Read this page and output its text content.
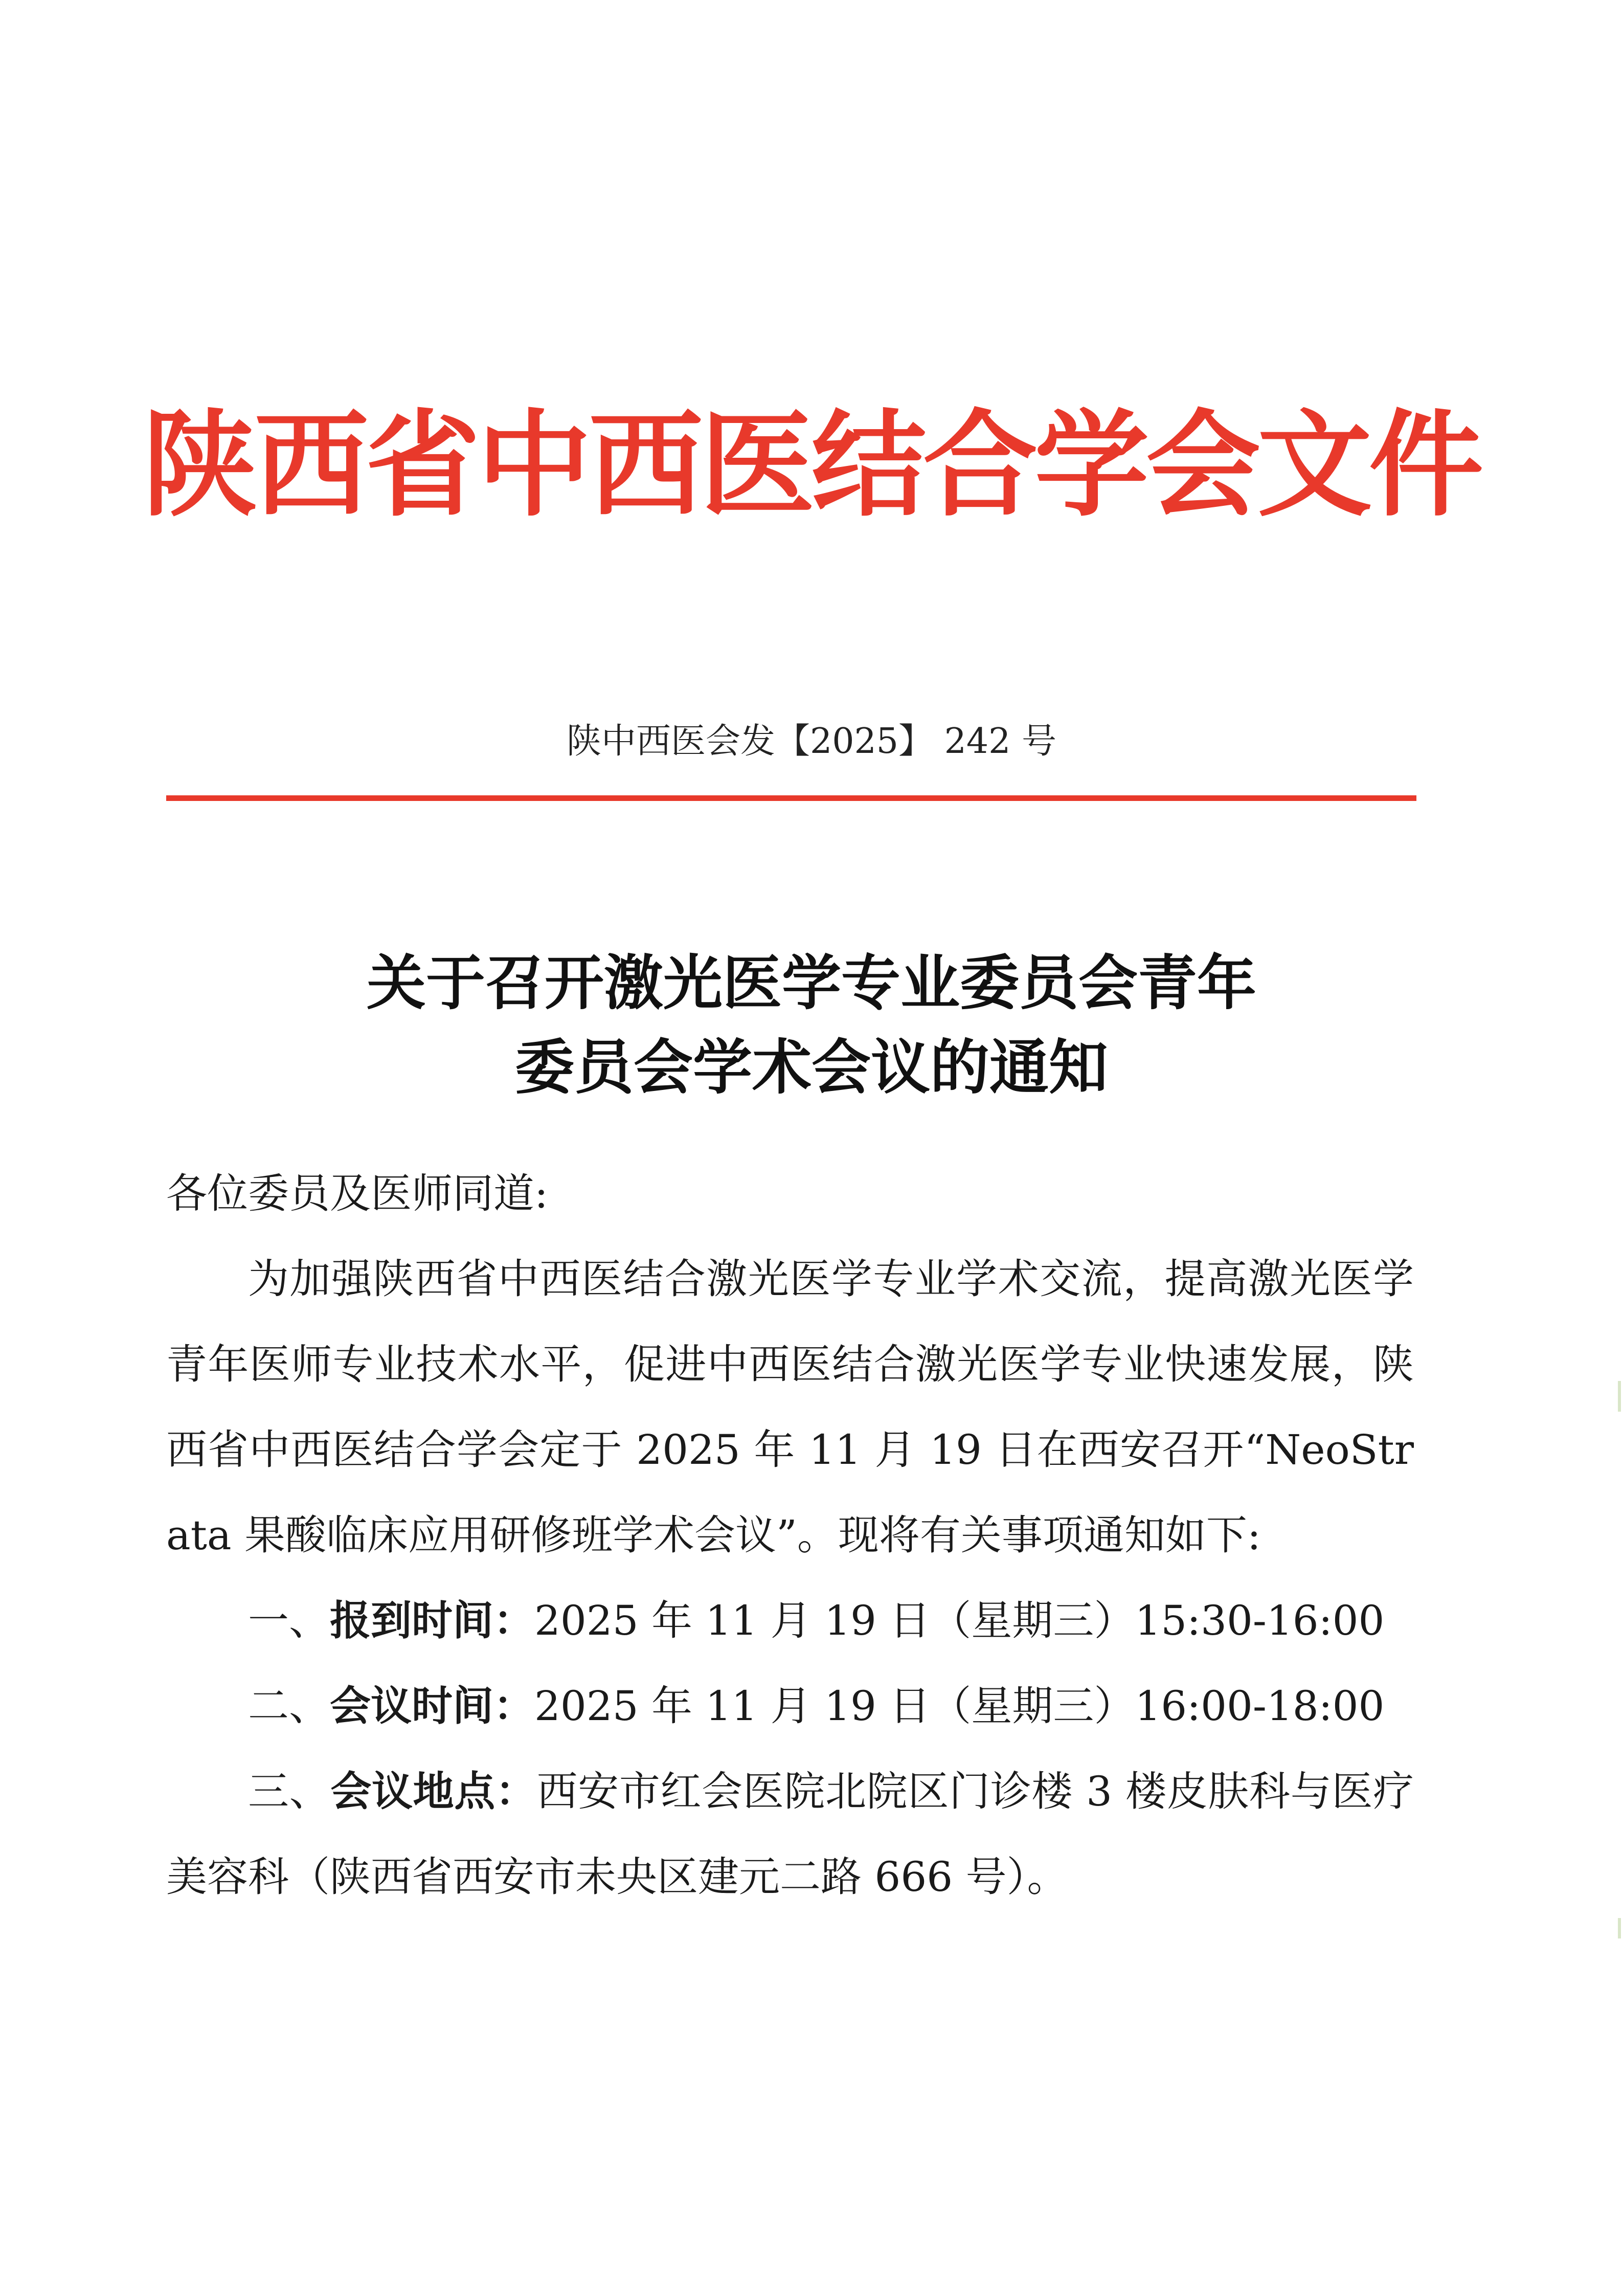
陕西省中西医结合学会文件
陕中西医会发【2025】 242 号
关于召开激光医学专业委员会青年
委员会学术会议的通知

各位委员及医师同道:

为加强陕西省中西医结合激光医学专业学术交流，提高激光医学青年医师专业技术水平，促进中西医结合激光医学专业快速发展，陕西省中西医结合学会定于 2025 年 11 月 19 日在西安召开“NeoStrata 果酸临床应用研修班学术会议”。现将有关事项通知如下:

一、报到时间：2025 年 11 月 19 日（星期三）15:30-16:00

二、会议时间：2025 年 11 月 19 日（星期三）16:00-18:00

三、会议地点：西安市红会医院北院区门诊楼 3 楼皮肤科与医疗美容科（陕西省西安市未央区建元二路 666 号）。
